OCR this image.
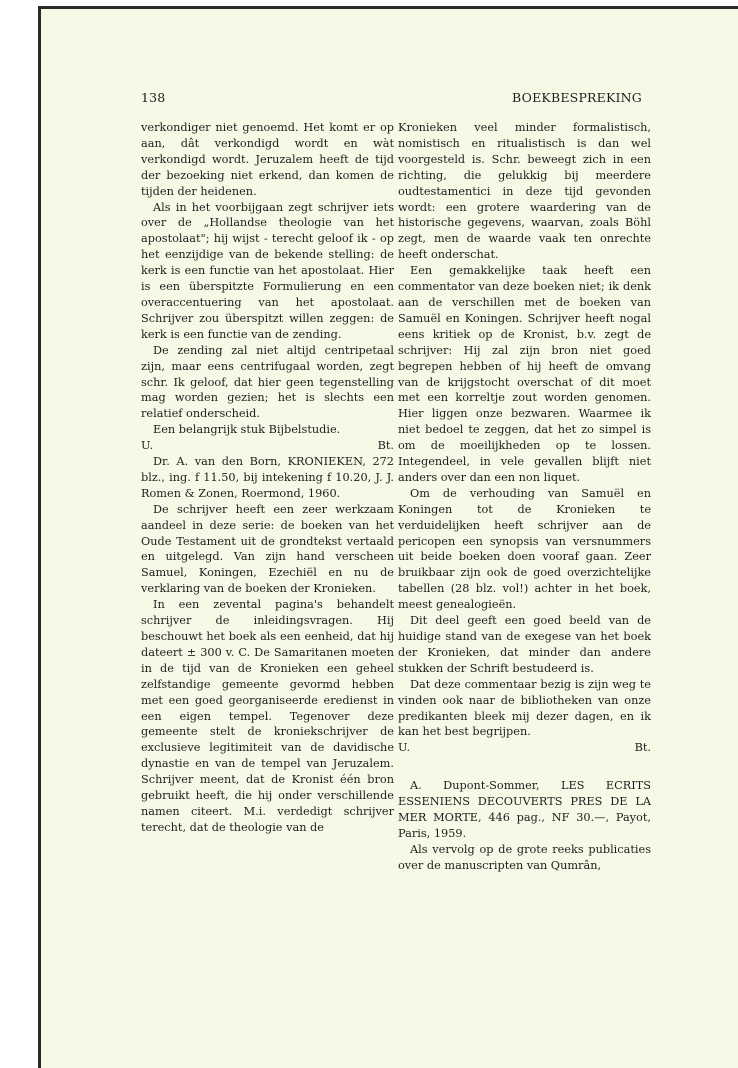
138	BOEKBESPREKING

verkondiger niet genoemd. Het komt er op aan, dât verkondigd wordt en wàt verkondigd wordt. Jeruzalem heeft de tijd der bezoeking niet erkend, dan komen de tijden der heidenen.

Als in het voorbijgaan zegt schrijver iets over de „Hollandse theologie van het apostolaat"; hij wijst - terecht geloof ik - op het eenzijdige van de bekende stelling: de kerk is een functie van het apostolaat. Hier is een überspitzte Formulierung en een overaccentuering van het apostolaat. Schrijver zou überspitzt willen zeggen: de kerk is een functie van de zending.

De zending zal niet altijd centripetaal zijn, maar eens centrifugaal worden, zegt schr. Ik geloof, dat hier geen tegenstelling mag worden gezien; het is slechts een relatief onderscheid.

Een belangrijk stuk Bijbelstudie.

U.	Bt.

Dr. A. van den Born, KRONIEKEN, 272 blz., ing. f 11.50, bij intekening f 10.20, J. J. Romen & Zonen, Roermond, 1960.

De schrijver heeft een zeer werkzaam aandeel in deze serie: de boeken van het Oude Testament uit de grondtekst vertaald en uitgelegd. Van zijn hand verscheen Samuel, Koningen, Ezechiël en nu de verklaring van de boeken der Kronieken.

In een zevental pagina's behandelt schrijver de inleidingsvragen. Hij beschouwt het boek als een eenheid, dat hij dateert ± 300 v. C. De Samaritanen moeten in de tijd van de Kronieken een geheel zelfstandige gemeente gevormd hebben met een goed georganiseerde eredienst in een eigen tempel. Tegenover deze gemeente stelt de kroniekschrijver de exclusieve legitimiteit van de davidische dynastie en van de tempel van Jeruzalem. Schrijver meent, dat de Kronist één bron gebruikt heeft, die hij onder verschillende namen citeert. M.i. verdedigt schrijver terecht, dat de theologie van de

Kronieken veel minder formalistisch, nomistisch en ritualistisch is dan wel voorgesteld is. Schr. beweegt zich in een richting, die gelukkig bij meerdere oudtestamentici in deze tijd gevonden wordt: een grotere waardering van de historische gegevens, waarvan, zoals Böhl zegt, men de waarde vaak ten onrechte heeft onderschat.

Een gemakkelijke taak heeft een commentator van deze boeken niet; ik denk aan de verschillen met de boeken van Samuël en Koningen. Schrijver heeft nogal eens kritiek op de Kronist, b.v. zegt de schrijver: Hij zal zijn bron niet goed begrepen hebben of hij heeft de omvang van de krijgstocht overschat of dit moet met een korreltje zout worden genomen. Hier liggen onze bezwaren. Waarmee ik niet bedoel te zeggen, dat het zo simpel is om de moeilijkheden op te lossen. Integendeel, in vele gevallen blijft niet anders over dan een non liquet.

Om de verhouding van Samuël en Koningen tot de Kronieken te verduidelijken heeft schrijver aan de pericopen een synopsis van versnummers uit beide boeken doen vooraf gaan. Zeer bruikbaar zijn ook de goed overzichtelijke tabellen (28 blz. vol!) achter in het boek, meest genealogieën.

Dit deel geeft een goed beeld van de huidige stand van de exegese van het boek der Kronieken, dat minder dan andere stukken der Schrift bestudeerd is.

Dat deze commentaar bezig is zijn weg te vinden ook naar de bibliotheken van onze predikanten bleek mij dezer dagen, en ik kan het best begrijpen.

U.	Bt.

A. Dupont-Sommer, LES ECRITS ESSENIENS DECOUVERTS PRES DE LA MER MORTE, 446 pag., NF 30.—, Payot, Paris, 1959.

Als vervolg op de grote reeks publicaties over de manuscripten van Qumrân,
